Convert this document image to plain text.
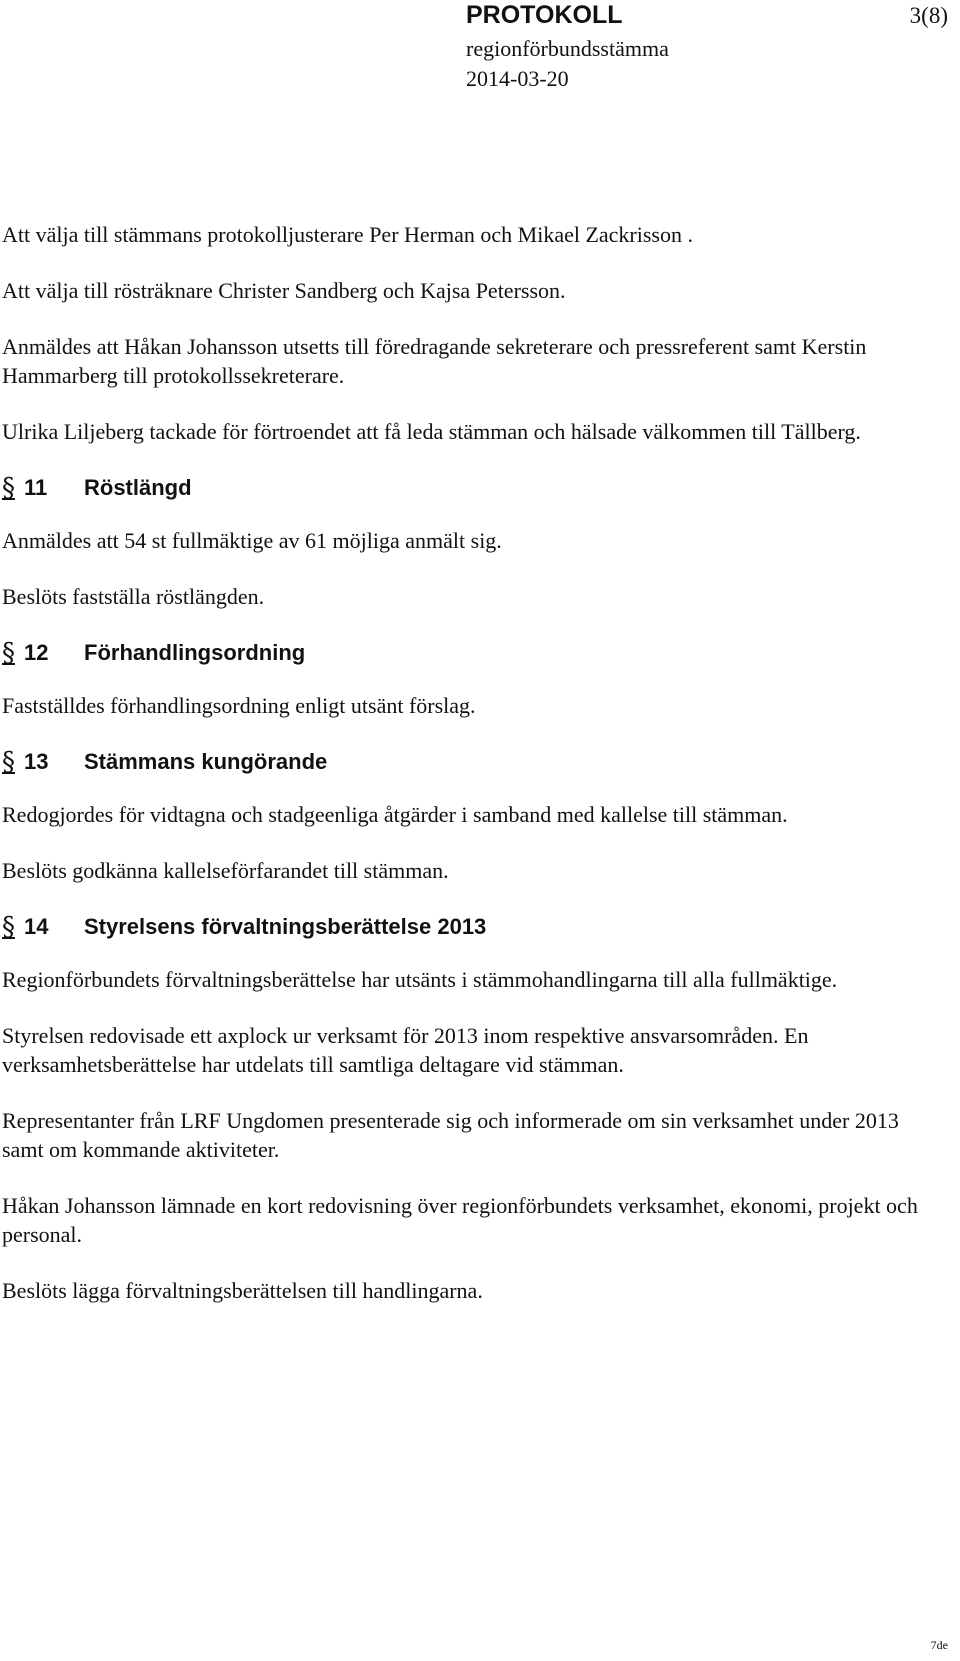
PROTOKOLL	3(8)
regionförbundsstämma
2014-03-20

Att välja till stämmans protokolljusterare Per Herman och Mikael Zackrisson .

Att välja till rösträknare Christer Sandberg och Kajsa Petersson.

Anmäldes att Håkan Johansson utsetts till föredragande sekreterare och pressreferent samt Kerstin Hammarberg till protokollssekreterare.

Ulrika Liljeberg tackade för förtroendet att få leda stämman och hälsade välkommen till Tällberg.

§ 11	Röstlängd

Anmäldes att 54 st fullmäktige av 61 möjliga anmält sig.

Beslöts fastställa röstlängden.

§ 12	Förhandlingsordning

Fastställdes förhandlingsordning enligt utsänt förslag.

§ 13	Stämmans kungörande

Redogjordes för vidtagna och stadgeenliga åtgärder i samband med kallelse till stämman.

Beslöts godkänna kallelseförfarandet till stämman.

§ 14	Styrelsens förvaltningsberättelse 2013

Regionförbundets förvaltningsberättelse har utsänts i stämmohandlingarna till alla fullmäktige.

Styrelsen redovisade ett axplock ur verksamt för 2013 inom respektive ansvarsområden. En verksamhetsberättelse har utdelats till samtliga deltagare vid stämman.

Representanter från LRF Ungdomen presenterade sig och informerade om sin verksamhet under 2013 samt om kommande aktiviteter.

Håkan Johansson lämnade en kort redovisning över regionförbundets verksamhet, ekonomi, projekt och personal.

Beslöts lägga förvaltningsberättelsen till handlingarna.

7de
